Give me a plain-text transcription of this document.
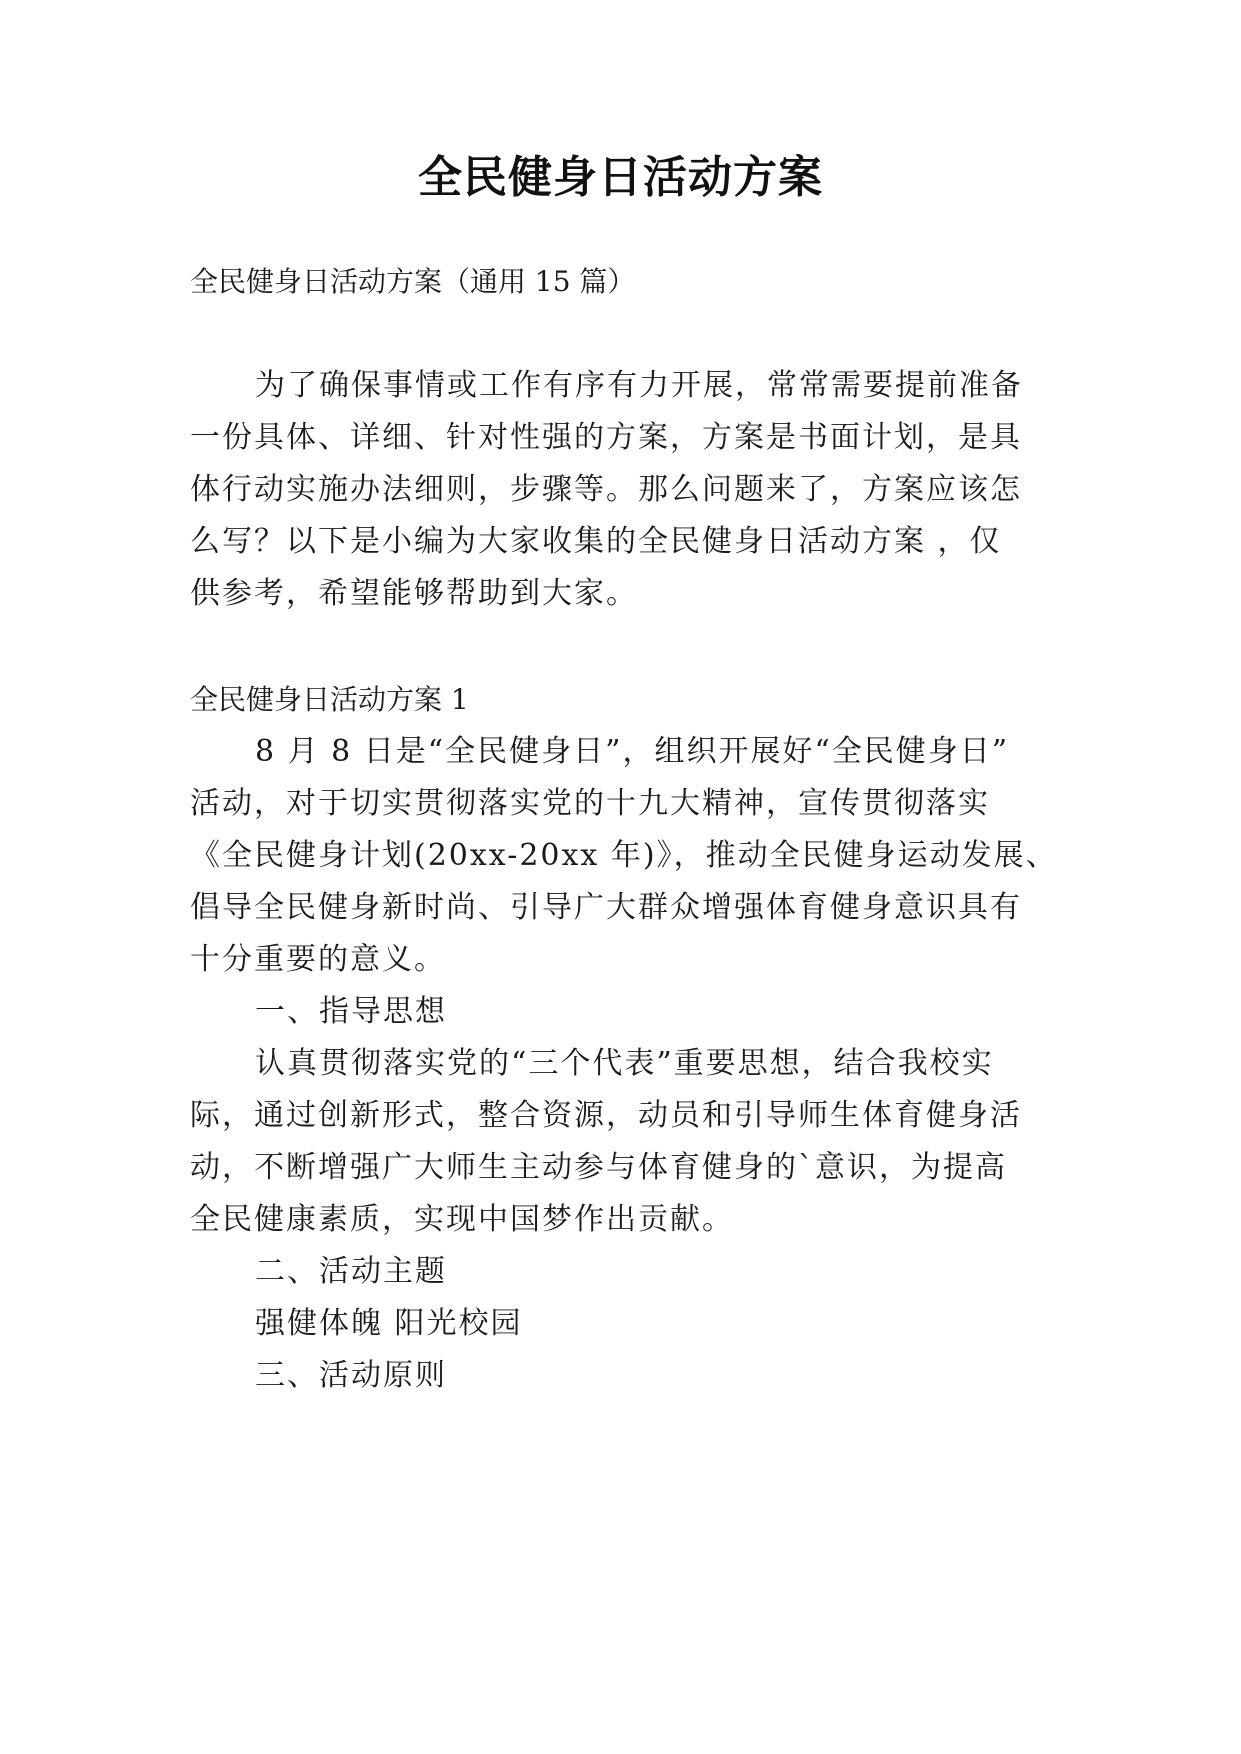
全民健身日活动方案
全民健身日活动方案（通用 15 篇）
为了确保事情或工作有序有力开展，常常需要提前准备
一份具体、详细、针对性强的方案，方案是书面计划，是具
体行动实施办法细则，步骤等。那么问题来了，方案应该怎
么写？以下是小编为大家收集的全民健身日活动方案 ，仅
供参考，希望能够帮助到大家。
全民健身日活动方案 1
8 月 8 日是“全民健身日”，组织开展好“全民健身日”
活动，对于切实贯彻落实党的十九大精神，宣传贯彻落实
《全民健身计划(20xx-20xx 年)》，推动全民健身运动发展、
倡导全民健身新时尚、引导广大群众增强体育健身意识具有
十分重要的意义。
一、指导思想
认真贯彻落实党的“三个代表”重要思想，结合我校实
际，通过创新形式，整合资源，动员和引导师生体育健身活
动，不断增强广大师生主动参与体育健身的`意识，为提高
全民健康素质，实现中国梦作出贡献。
二、活动主题
强健体魄 阳光校园
三、活动原则
